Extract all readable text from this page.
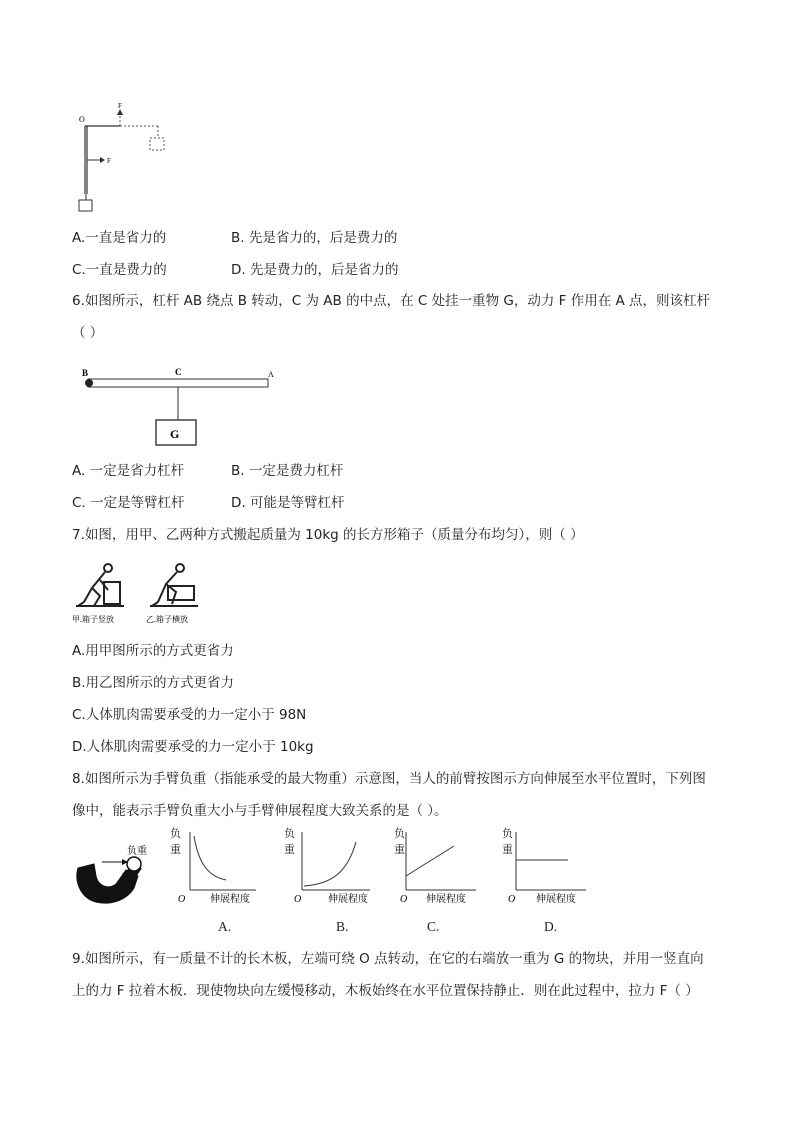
O
F
F
A.一直是省力的	B. 先是省力的，后是费力的
C.一直是费力的	D. 先是费力的，后是省力的
6.如图所示，杠杆 AB 绕点 B 转动，C 为 AB 的中点，在 C 处挂一重物 G，动力 F 作用在 A 点，则该杠杆
（ ）
B	C	A
G
A. 一定是省力杠杆	B. 一定是费力杠杆
C. 一定是等臂杠杆	D. 可能是等臂杠杆
7.如图，用甲、乙两种方式搬起质量为 10kg 的长方形箱子（质量分布均匀），则（ ）
甲.箱子竖放	乙.箱子横放
A.用甲图所示的方式更省力
B.用乙图所示的方式更省力
C.人体肌肉需要承受的力一定小于 98N
D.人体肌肉需要承受的力一定小于 10kg
8.如图所示为手臂负重（指能承受的最大物重）示意图，当人的前臂按图示方向伸展至水平位置时，下列图
像中，能表示手臂负重大小与手臂伸展程度大致关系的是（ ）。
负重
O 伸展程度
负
O	伸展程度
负
重
O 伸展程度
负
重
O 伸展程度
负
重
重
A.	B.	C.	D.
9.如图所示，有一质量不计的长木板，左端可绕 O 点转动，在它的右端放一重为 G 的物块，并用一竖直向
上的力 F 拉着木板．现使物块向左缓慢移动，木板始终在水平位置保持静止．则在此过程中，拉力 F（ ）
